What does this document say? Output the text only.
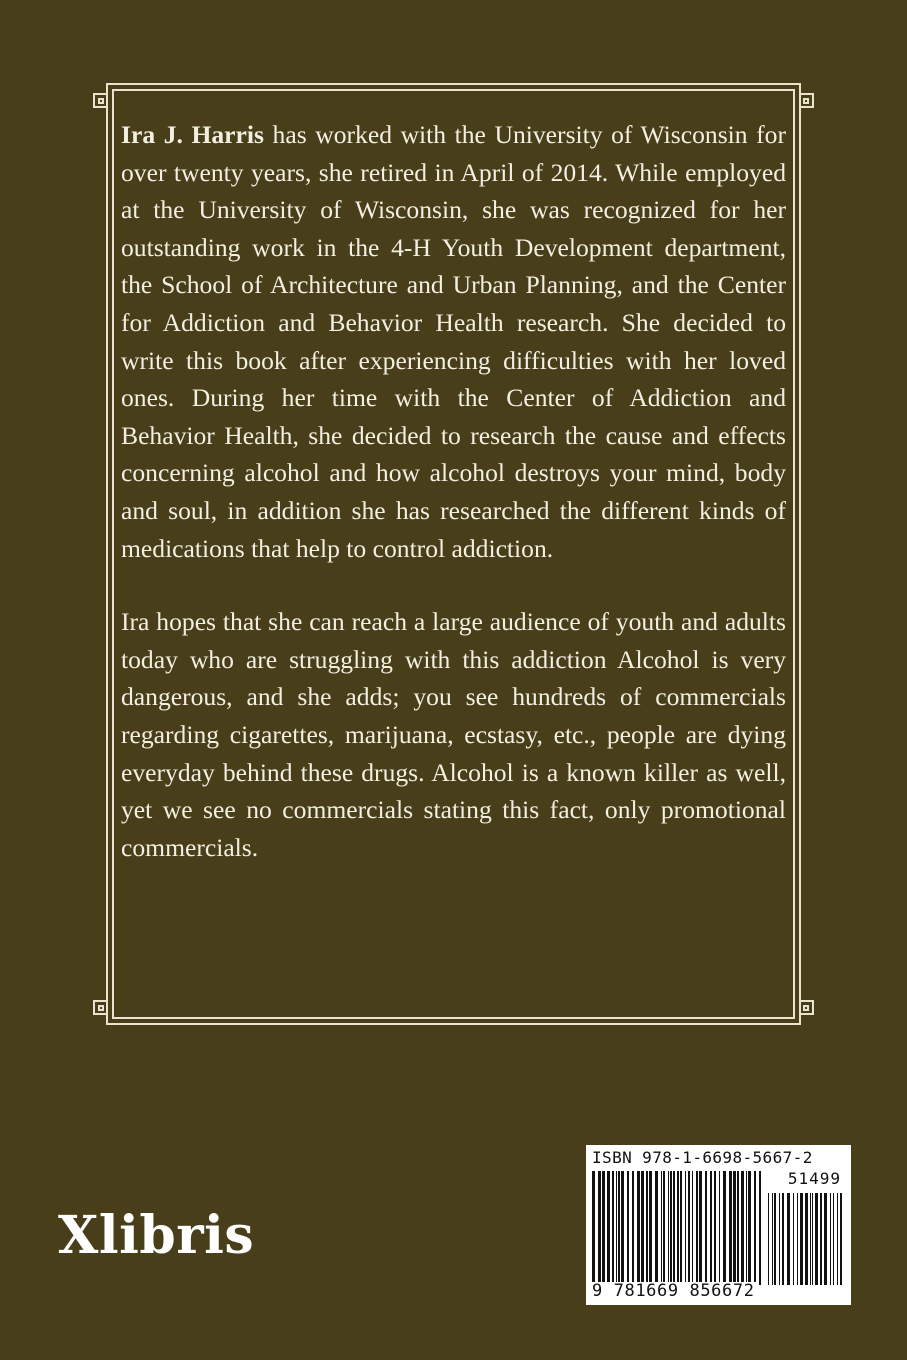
Ira J. Harris has worked with the University of Wisconsin for over twenty years, she retired in April of 2014. While employed at the University of Wisconsin, she was recognized for her outstanding work in the 4-H Youth Development department, the School of Architecture and Urban Planning, and the Center for Addiction and Behavior Health research. She decided to write this book after experiencing difficulties with her loved ones. During her time with the Center of Addiction and Behavior Health, she decided to research the cause and effects concerning alcohol and how alcohol destroys your mind, body and soul, in addition she has researched the different kinds of medications that help to control addiction.

Ira hopes that she can reach a large audience of youth and adults today who are struggling with this addiction Alcohol is very dangerous, and she adds; you see hundreds of commercials regarding cigarettes, marijuana, ecstasy, etc., people are dying everyday behind these drugs. Alcohol is a known killer as well, yet we see no commercials stating this fact, only promotional commercials.

Xlibris
ISBN 978-1-6698-5667-2
51499
9 781669 856672
